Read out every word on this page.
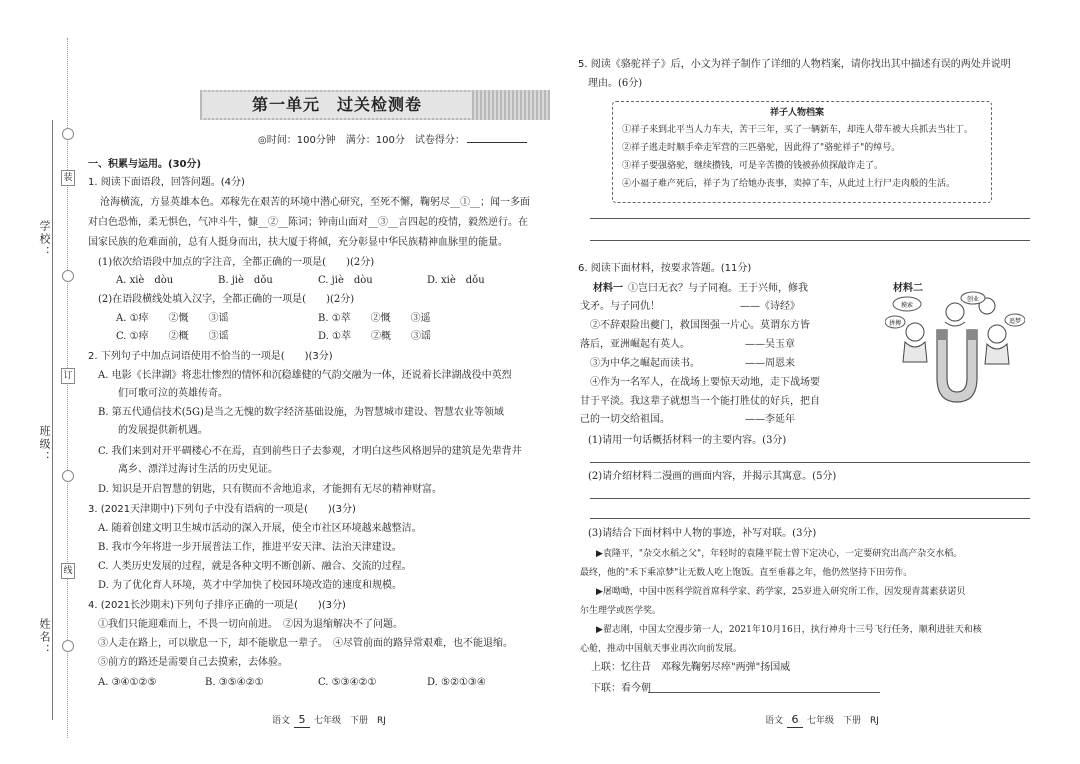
学校：
班级：
姓名：
装
订
线
第一单元　过关检测卷
◎时间：100分钟　满分：100分　试卷得分：
一、积累与运用。(30分)
1. 阅读下面语段，回答问题。(4分)
沧海横流，方显英雄本色。邓稼先在艰苦的环境中潜心研究，至死不懈，鞠躬尽__①__；闻一多面
对白色恐怖，柔无惧色，气冲斗牛，慷__②__陈词；钟南山面对__③__言四起的疫情，毅然逆行。在
国家民族的危难面前，总有人挺身而出，扶大厦于将倾，充分彰显中华民族精神血脉里的能量。
(1)依次给语段中加点的字注音，全都正确的一项是(　　)(2分)
A. xiè　dòu	B. jiè　dǒu	C. jiè　dòu	D. xiè　dǒu
(2)在语段横线处填入汉字，全都正确的一项是(　　)(2分)
A. ①瘁　　 ②慨　　 ③谣	B. ①萃　　 ②慨　　 ③遥
C. ①瘁　　 ②概　　 ③谣	D. ①萃　　 ②概　　 ③谣
2. 下列句子中加点词语使用不恰当的一项是(　　)(3分)
A. 电影《长津湖》将悲壮惨烈的情怀和沉稳雄健的气韵交融为一体，还说着长津湖战役中英烈
　　们可歌可泣的英雄传奇。
B. 第五代通信技术(5G)是当之无愧的数字经济基础设施，为智慧城市建设、智慧农业等领域
　　的发展提供新机遇。
C. 我们来到对开平碉楼心不在焉，直到前些日子去参观，才明白这些风格迥异的建筑是先辈背井
　　离乡、漂洋过海讨生活的历史见证。
D. 知识是开启智慧的钥匙，只有锲而不舍地追求，才能拥有无尽的精神财富。
3. (2021天津期中)下列句子中没有语病的一项是(　　)(3分)
A. 随着创建文明卫生城市活动的深入开展，使全市社区环境越来越整洁。
B. 我市今年将进一步开展普法工作，推进平安天津、法治天津建设。
C. 人类历史发展的过程，就是各种文明不断创新、融合、交流的过程。
D. 为了优化育人环境，英才中学加快了校园环境改造的速度和规模。
4. (2021长沙期末)下列句子排序正确的一项是(　　)(3分)
①我们只能迎难而上，不畏一切向前进。　②因为退缩解决不了问题。
③人走在路上，可以歇息一下，却不能歇息一辈子。　④尽管前面的路异常艰难，也不能退缩。
⑤前方的路还是需要自己去摸索，去体验。
A. ③④①②⑤	B. ③⑤④②①	C. ⑤③④②①	D. ⑤②①③④
语文 5 七年级　下册　RJ
5. 阅读《骆驼祥子》后，小文为祥子制作了详细的人物档案，请你找出其中描述有误的两处并说明
理由。(6分)
祥子人物档案
①祥子来到北平当人力车夫，苦干三年，买了一辆新车，却连人带车被大兵抓去当壮丁。
②祥子逃走时顺手牵走军营的三匹骆驼，因此得了"骆驼祥子"的绰号。
③祥子要强骆驼，继续攒钱，可是辛苦攒的钱被孙侦探敲诈走了。
④小福子难产死后，祥子为了给她办丧事，卖掉了车，从此过上行尸走肉般的生活。
6. 阅读下面材料，按要求答题。(11分)
材料一 ①岂曰无衣？与子同袍。王于兴师，修我
戈矛。与子同仇！　　　　　　　　——《诗经》
　②不辞艰险出夔门，救国图强一片心。莫谓东方皆
落后，亚洲崛起有英人。　　　　　　——吴玉章
　③为中华之崛起而读书。　　　　　——周恩来
　④作为一名军人，在战场上要惊天动地，走下战场要
甘于平淡。我这辈子就想当一个能打胜仗的好兵，把自
己的一切交给祖国。　　　　　　　　——李延年
材料二
摸索
创业
追梦
拼搏
(1)请用一句话概括材料一的主要内容。(3分)
(2)请介绍材料二漫画的画面内容，并揭示其寓意。(5分)
(3)请结合下面材料中人物的事迹，补写对联。(3分)
▶袁隆平，"杂交水稻之父"，年轻时的袁隆平院士曾下定决心，一定要研究出高产杂交水稻。
最终，他的"禾下乘凉梦"让无数人吃上饱饭。直至垂暮之年，他仍然坚持下田劳作。
▶屠呦呦，中国中医科学院首席科学家、药学家，25岁进入研究所工作，因发现青蒿素获诺贝
尔生理学或医学奖。
▶翟志刚，中国太空漫步第一人，2021年10月16日，执行神舟十三号飞行任务，顺利进驻天和核
心舱，推动中国航天事业再次向前发展。
上联：忆往昔　邓稼先鞠躬尽瘁"两弹"扬国威
下联：看今朝
语文 6 七年级　下册　RJ
